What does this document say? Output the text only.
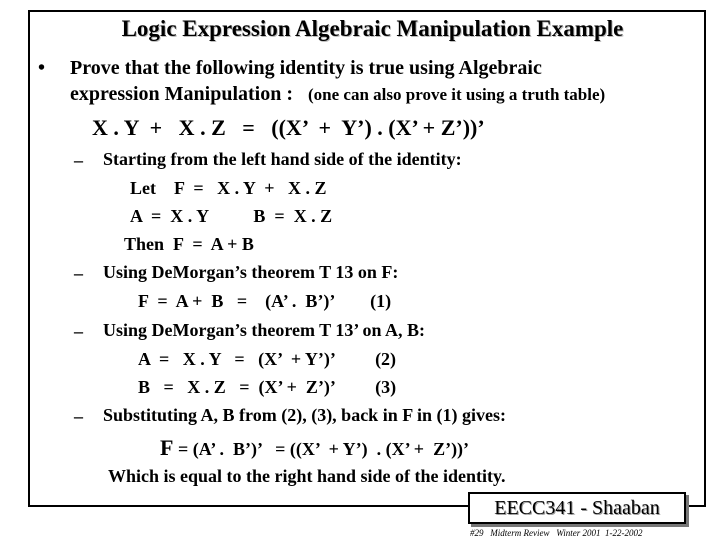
Logic Expression Algebraic Manipulation Example
• Prove that the following identity is true using Algebraic
expression Manipulation : (one can also prove it using a truth table)
X . Y  +   X . Z   =   ((X’  +  Y’) . (X’ + Z’))’
– Starting from the left hand side of the identity:
Let    F  =   X . Y  +   X . Z
A  =  X . Y          B  =  X . Z
Then  F  =  A + B
– Using DeMorgan’s theorem T 13 on F:
F  =  A +  B   =    (A’ .  B’)’        (1)
– Using DeMorgan’s theorem T 13’ on A, B:
A  =   X . Y   =   (X’  + Y’)’         (2)
B   =   X . Z   =  (X’ +  Z’)’         (3)
– Substituting A, B from (2), (3), back in F in (1) gives:
F = (A’ .  B’)’   = ((X’  + Y’)  . (X’ +  Z’))’
Which is equal to the right hand side of the identity.
EECC341 - Shaaban
#29   Midterm Review   Winter 2001  1-22-2002
